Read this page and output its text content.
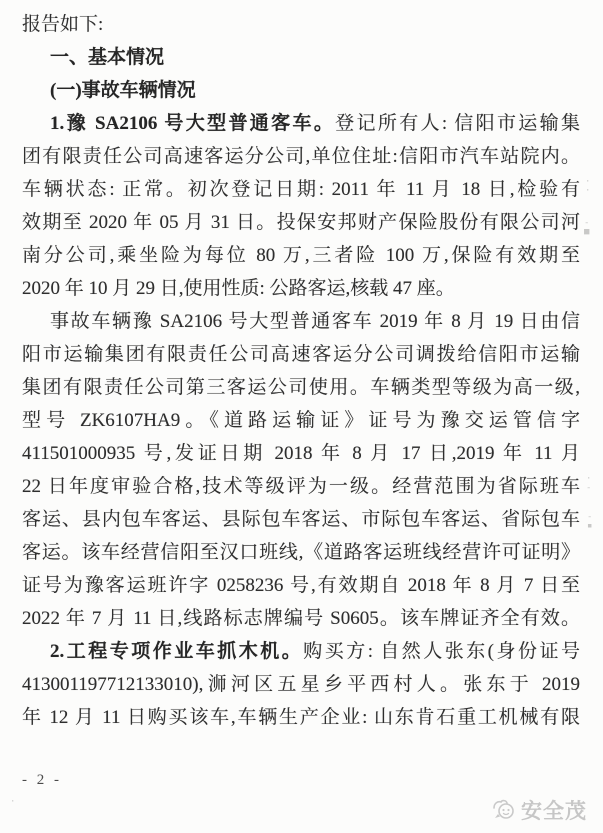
报告如下:
一、基本情况
(一)事故车辆情况
1.豫 SA2106 号大型普通客车。登记所有人: 信阳市运输集
团有限责任公司高速客运分公司,单位住址:信阳市汽车站院内。
车辆状态: 正常。初次登记日期: 2011 年 11 月 18 日,检验有
效期至 2020 年 05 月 31 日。投保安邦财产保险股份有限公司河
南分公司,乘坐险为每位 80 万,三者险 100 万,保险有效期至
2020 年 10 月 29 日,使用性质: 公路客运,核载 47 座。
事故车辆豫 SA2106 号大型普通客车 2019 年 8 月 19 日由信
阳市运输集团有限责任公司高速客运分公司调拨给信阳市运输
集团有限责任公司第三客运公司使用。车辆类型等级为高一级,
型号 ZK6107HA9。《道路运输证》证号为豫交运管信字
411501000935 号,发证日期 2018 年 8 月 17 日,2019 年 11 月
22 日年度审验合格,技术等级评为一级。经营范围为省际班车
客运、县内包车客运、县际包车客运、市际包车客运、省际包车
客运。该车经营信阳至汉口班线,《道路客运班线经营许可证明》
证号为豫客运班许字 0258236 号,有效期自 2018 年 8 月 7 日至
2022 年 7 月 11 日,线路标志牌编号 S0605。该车牌证齐全有效。
2.工程专项作业车抓木机。购买方: 自然人张东(身份证号
413001197712133010),浉河区五星乡平西村人。张东于 2019
年 12 月 11 日购买该车,车辆生产企业: 山东肯石重工机械有限
- 2 -
安全茂
·
·
-
■
·
-
-
▪
·
